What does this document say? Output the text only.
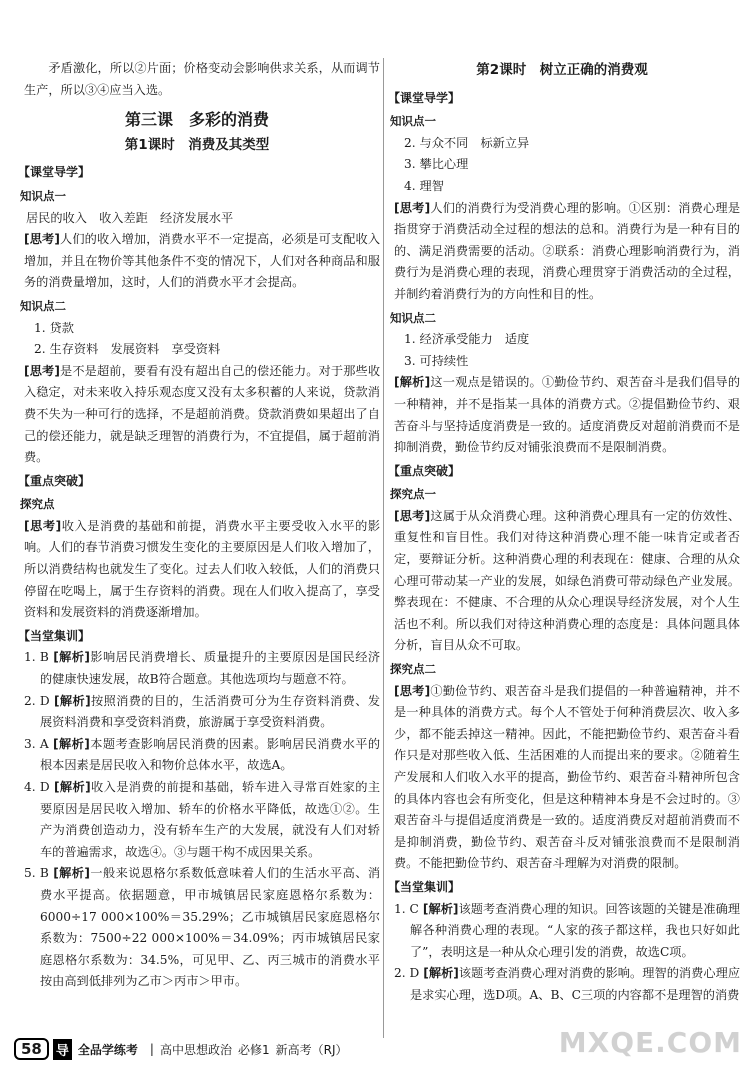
矛盾激化，所以②片面；价格变动会影响供求关系，从而调节生产，所以③④应当入选。

第三课　多彩的消费
第1课时　消费及其类型
【课堂导学】
知识点一

居民的收入　收入差距　经济发展水平

[思考]人们的收入增加，消费水平不一定提高，必须是可支配收入增加，并且在物价等其他条件不变的情况下，人们对各种商品和服务的消费量增加，这时，人们的消费水平才会提高。

知识点二

1. 贷款

2. 生存资料　发展资料　享受资料

[思考]是不是超前，要看有没有超出自己的偿还能力。对于那些收入稳定，对未来收入持乐观态度又没有太多积蓄的人来说，贷款消费不失为一种可行的选择，不是超前消费。贷款消费如果超出了自己的偿还能力，就是缺乏理智的消费行为，不宜提倡，属于超前消费。

【重点突破】
探究点

[思考]收入是消费的基础和前提，消费水平主要受收入水平的影响。人们的春节消费习惯发生变化的主要原因是人们收入增加了，所以消费结构也就发生了变化。过去人们收入较低，人们的消费只停留在吃喝上，属于生存资料的消费。现在人们收入提高了，享受资料和发展资料的消费逐渐增加。

【当堂集训】

1. B [解析]影响居民消费增长、质量提升的主要原因是国民经济的健康快速发展，故B符合题意。其他选项均与题意不符。

2. D [解析]按照消费的目的，生活消费可分为生存资料消费、发展资料消费和享受资料消费，旅游属于享受资料消费。

3. A [解析]本题考查影响居民消费的因素。影响居民消费水平的根本因素是居民收入和物价总体水平，故选A。

4. D [解析]收入是消费的前提和基础，轿车进入寻常百姓家的主要原因是居民收入增加、轿车的价格水平降低，故选①②。生产为消费创造动力，没有轿车生产的大发展，就没有人们对轿车的普遍需求，故选④。③与题干构不成因果关系。

5. B [解析]一般来说恩格尔系数低意味着人们的生活水平高、消费水平提高。依据题意，甲市城镇居民家庭恩格尔系数为：6000÷17 000×100%＝35.29%；乙市城镇居民家庭恩格尔系数为：7500÷22 000×100%＝34.09%；丙市城镇居民家庭恩格尔系数为：34.5%，可见甲、乙、丙三城市的消费水平按由高到低排列为乙市＞丙市＞甲市。

第2课时　树立正确的消费观
【课堂导学】
知识点一

2. 与众不同　标新立异

3. 攀比心理

4. 理智

[思考]人们的消费行为受消费心理的影响。①区别：消费心理是指贯穿于消费活动全过程的想法的总和。消费行为是一种有目的的、满足消费需要的活动。②联系：消费心理影响消费行为，消费行为是消费心理的表现，消费心理贯穿于消费活动的全过程，并制约着消费行为的方向性和目的性。

知识点二

1. 经济承受能力　适度

3. 可持续性

[解析]这一观点是错误的。①勤俭节约、艰苦奋斗是我们倡导的一种精神，并不是指某一具体的消费方式。②提倡勤俭节约、艰苦奋斗与坚持适度消费是一致的。适度消费反对超前消费而不是抑制消费，勤俭节约反对铺张浪费而不是限制消费。

【重点突破】
探究点一

[思考]这属于从众消费心理。这种消费心理具有一定的仿效性、重复性和盲目性。我们对待这种消费心理不能一味肯定或者否定，要辩证分析。这种消费心理的利表现在：健康、合理的从众心理可带动某一产业的发展，如绿色消费可带动绿色产业发展。弊表现在：不健康、不合理的从众心理误导经济发展，对个人生活也不利。所以我们对待这种消费心理的态度是：具体问题具体分析，盲目从众不可取。

探究点二

[思考]①勤俭节约、艰苦奋斗是我们提倡的一种普遍精神，并不是一种具体的消费方式。每个人不管处于何种消费层次、收入多少，都不能丢掉这一精神。因此，不能把勤俭节约、艰苦奋斗看作只是对那些收入低、生活困难的人而提出来的要求。②随着生产发展和人们收入水平的提高，勤俭节约、艰苦奋斗精神所包含的具体内容也会有所变化，但是这种精神本身是不会过时的。③艰苦奋斗与提倡适度消费是一致的。适度消费反对超前消费而不是抑制消费，勤俭节约、艰苦奋斗反对铺张浪费而不是限制消费。不能把勤俭节约、艰苦奋斗理解为对消费的限制。

【当堂集训】

1. C [解析]该题考查消费心理的知识。回答该题的关键是准确理解各种消费心理的表现。“人家的孩子都这样，我也只好如此了”，表明这是一种从众心理引发的消费，故选C项。

2. D [解析]该题考查消费心理对消费的影响。理智的消费心理应是求实心理，选D项。A、B、C三项的内容都不是理智的消费

58	导 全品学练考 | 高中思想政治 必修1 新高考（RJ）	MXQE.COM
